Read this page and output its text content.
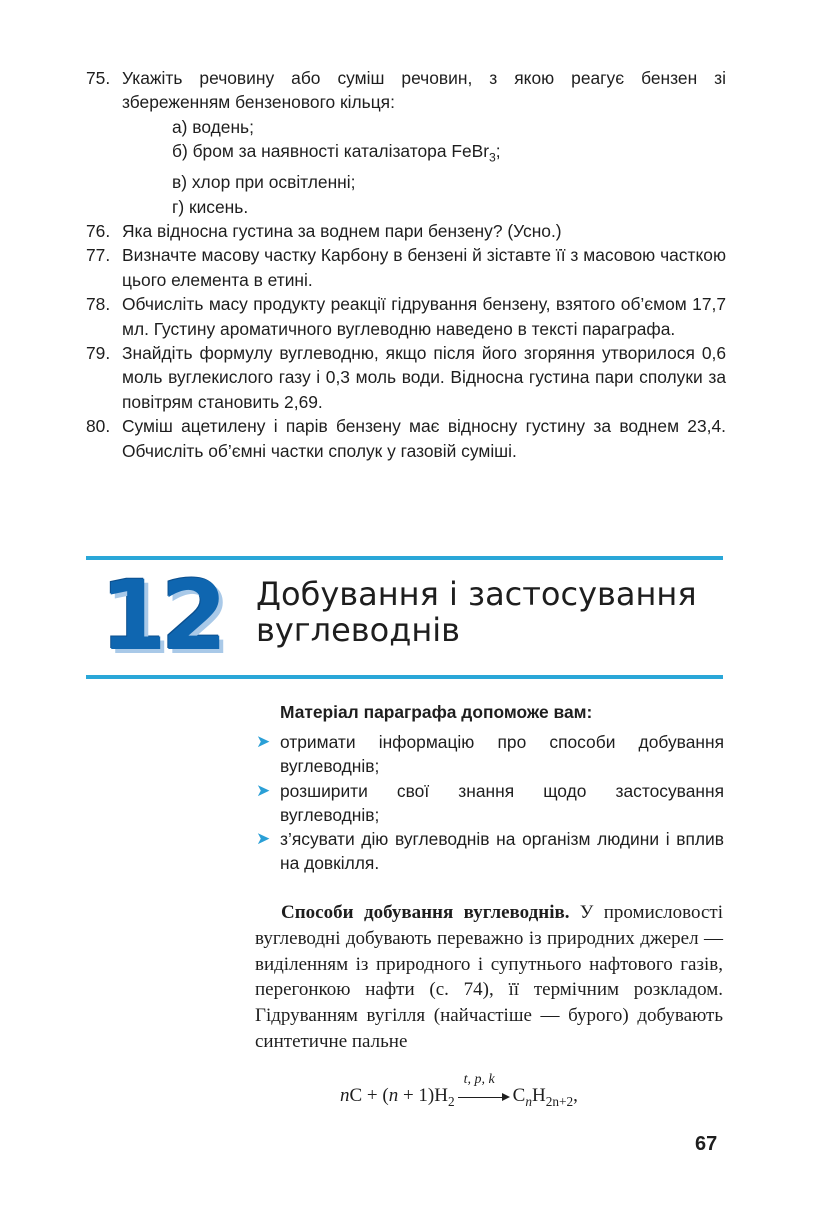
75. Укажіть речовину або суміш речовин, з якою реагує бензен зі збереженням бензенового кільця:
а) водень;
б) бром за наявності каталізатора FeBr$_3$;
в) хлор при освітленні;
г) кисень.
76. Яка відносна густина за воднем пари бензену? (Усно.)
77. Визначте масову частку Карбону в бензені й зіставте її з масовою часткою цього елемента в етині.
78. Обчисліть масу продукту реакції гідрування бензену, взятого об’ємом 17,7 мл. Густину ароматичного вуглеводню наведено в тексті параграфа.
79. Знайдіть формулу вуглеводню, якщо після його згоряння утворилося 0,6 моль вуглекислого газу і 0,3 моль води. Відносна густина пари сполуки за повітрям становить 2,69.
80. Суміш ацетилену і парів бензену має відносну густину за воднем 23,4. Обчисліть об’ємні частки сполук у газовій суміші.
12 Добування і застосування вуглеводнів
Матеріал параграфа допоможе вам:
➤ отримати інформацію про способи добування вуглеводнів;
➤ розширити свої знання щодо застосування вуглеводнів;
➤ з’ясувати дію вуглеводнів на організм людини і вплив на довкілля.
Способи добування вуглеводнів. У промисловості вуглеводні добувають переважно із природних джерел — виділенням із природного і супутнього нафтового газів, перегонкою нафти (с. 74), її термічним розкладом. Гідруванням вугілля (найчастіше — бурого) добувають синтетичне пальне
nC + $(n + 1)H_2$
t, p, k
$C_nH_{2n+2}$,
67
